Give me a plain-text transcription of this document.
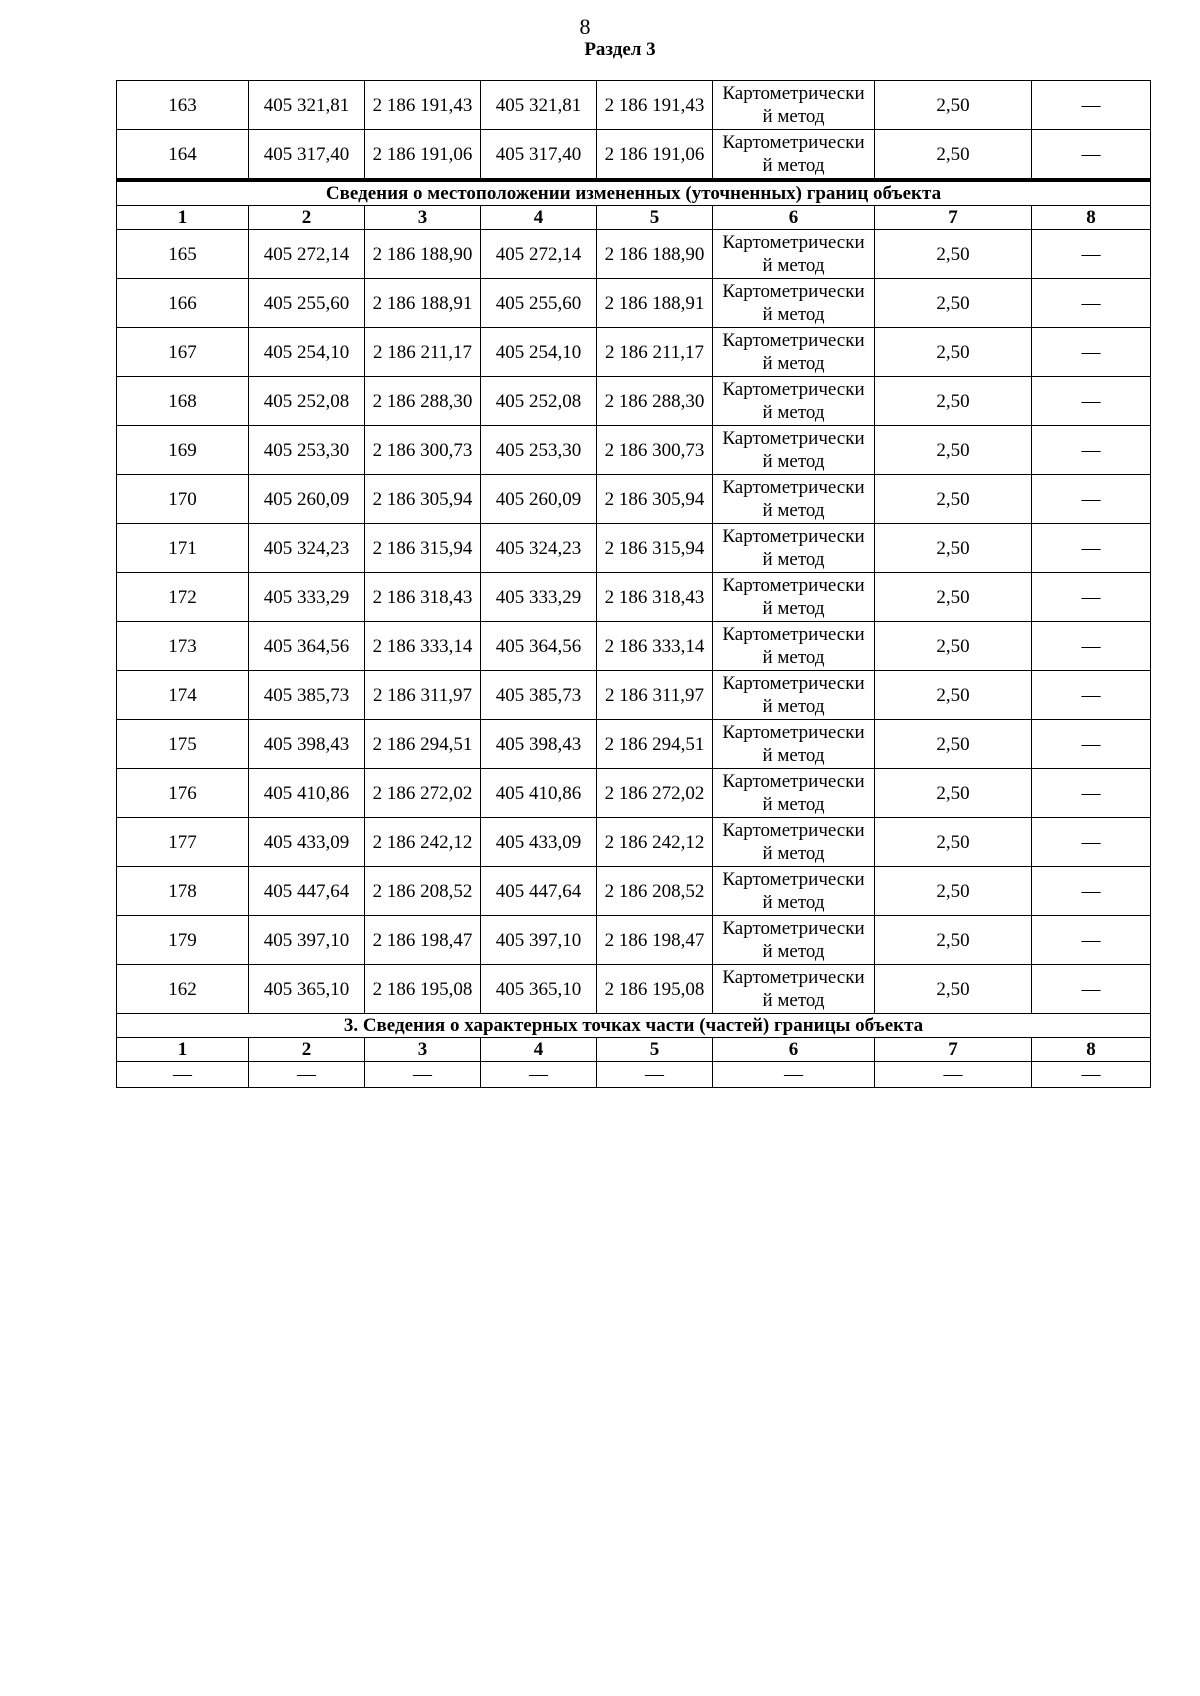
8
Раздел 3
163	405 321,81	2 186 191,43	405 321,81	2 186 191,43	Картометрический метод	2,50	—
164	405 317,40	2 186 191,06	405 317,40	2 186 191,06	Картометрический метод	2,50	—
Сведения о местоположении измененных (уточненных) границ объекта							
1	2	3	4	5	6	7	8
165	405 272,14	2 186 188,90	405 272,14	2 186 188,90	Картометрический метод	2,50	—
166	405 255,60	2 186 188,91	405 255,60	2 186 188,91	Картометрический метод	2,50	—
167	405 254,10	2 186 211,17	405 254,10	2 186 211,17	Картометрический метод	2,50	—
168	405 252,08	2 186 288,30	405 252,08	2 186 288,30	Картометрический метод	2,50	—
169	405 253,30	2 186 300,73	405 253,30	2 186 300,73	Картометрический метод	2,50	—
170	405 260,09	2 186 305,94	405 260,09	2 186 305,94	Картометрический метод	2,50	—
171	405 324,23	2 186 315,94	405 324,23	2 186 315,94	Картометрический метод	2,50	—
172	405 333,29	2 186 318,43	405 333,29	2 186 318,43	Картометрический метод	2,50	—
173	405 364,56	2 186 333,14	405 364,56	2 186 333,14	Картометрический метод	2,50	—
174	405 385,73	2 186 311,97	405 385,73	2 186 311,97	Картометрический метод	2,50	—
175	405 398,43	2 186 294,51	405 398,43	2 186 294,51	Картометрический метод	2,50	—
176	405 410,86	2 186 272,02	405 410,86	2 186 272,02	Картометрический метод	2,50	—
177	405 433,09	2 186 242,12	405 433,09	2 186 242,12	Картометрический метод	2,50	—
178	405 447,64	2 186 208,52	405 447,64	2 186 208,52	Картометрический метод	2,50	—
179	405 397,10	2 186 198,47	405 397,10	2 186 198,47	Картометрический метод	2,50	—
162	405 365,10	2 186 195,08	405 365,10	2 186 195,08	Картометрический метод	2,50	—
3. Сведения о характерных точках части (частей) границы объекта							
1	2	3	4	5	6	7	8
—	—	—	—	—	—	—	—
